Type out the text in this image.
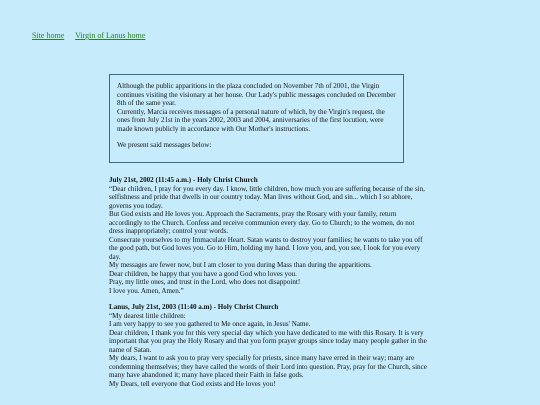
Site home Virgin of Lanus home

Although the public apparitions in the plaza concluded on November 7th of 2001, the Virgin continues visiting the visionary at her house. Our Lady's public messages concluded on December 8th of the same year.

Currently, Marcia receives messages of a personal nature of which, by the Virgin's request, the ones from July 21st in the years 2002, 2003 and 2004, anniversaries of the first locution, were made known publicly in accordance with Our Mother's instructions.

We present said messages below:

July 21st, 2002 (11:45 a.m.) - Holy Christ Church

“Dear children, I pray for you every day. I know, little children, how much you are suffering because of the sin, selfishness and pride that dwells in our country today. Man lives without God, and sin... which I so abhore, governs you today.

But God exists and He loves you. Approach the Sacraments, pray the Rosary with your family, return accordingly to the Church. Confess and receive communion every day. Go to Church; to the women, do not dress inappropriately; control your words.

Consecrate yourselves to my Immaculate Heart. Satan wants to destroy your families; he wants to take you off the good path, but God loves you. Go to Him, holding my hand. I love you, and, you see, I look for you every day.

My messages are fewer now, but I am closer to you during Mass than during the apparitions.

Dear children, be happy that you have a good God who loves you.

Pray, my little ones, and trust in the Lord, who does not disappoint!

I love you. Amen, Amen.”

Lanus, July 21st, 2003 (11:40 a.m) - Holy Christ Church

“My dearest little children:

I am very happy to see you gathered to Me once again, in Jesus' Name.

Dear children, I thank you for this very special day which you have dedicated to me with this Rosary. It is very important that you pray the Holy Rosary and that you form prayer groups since today many people gather in the name of Satan.

My dears, I want to ask you to pray very specially for priests, since many have erred in their way; many are condemning themselves; they have called the words of their Lord into question. Pray, pray for the Church, since many have abandoned it; many have placed their Faith in false gods.

My Dears, tell everyone that God exists and He loves you!
